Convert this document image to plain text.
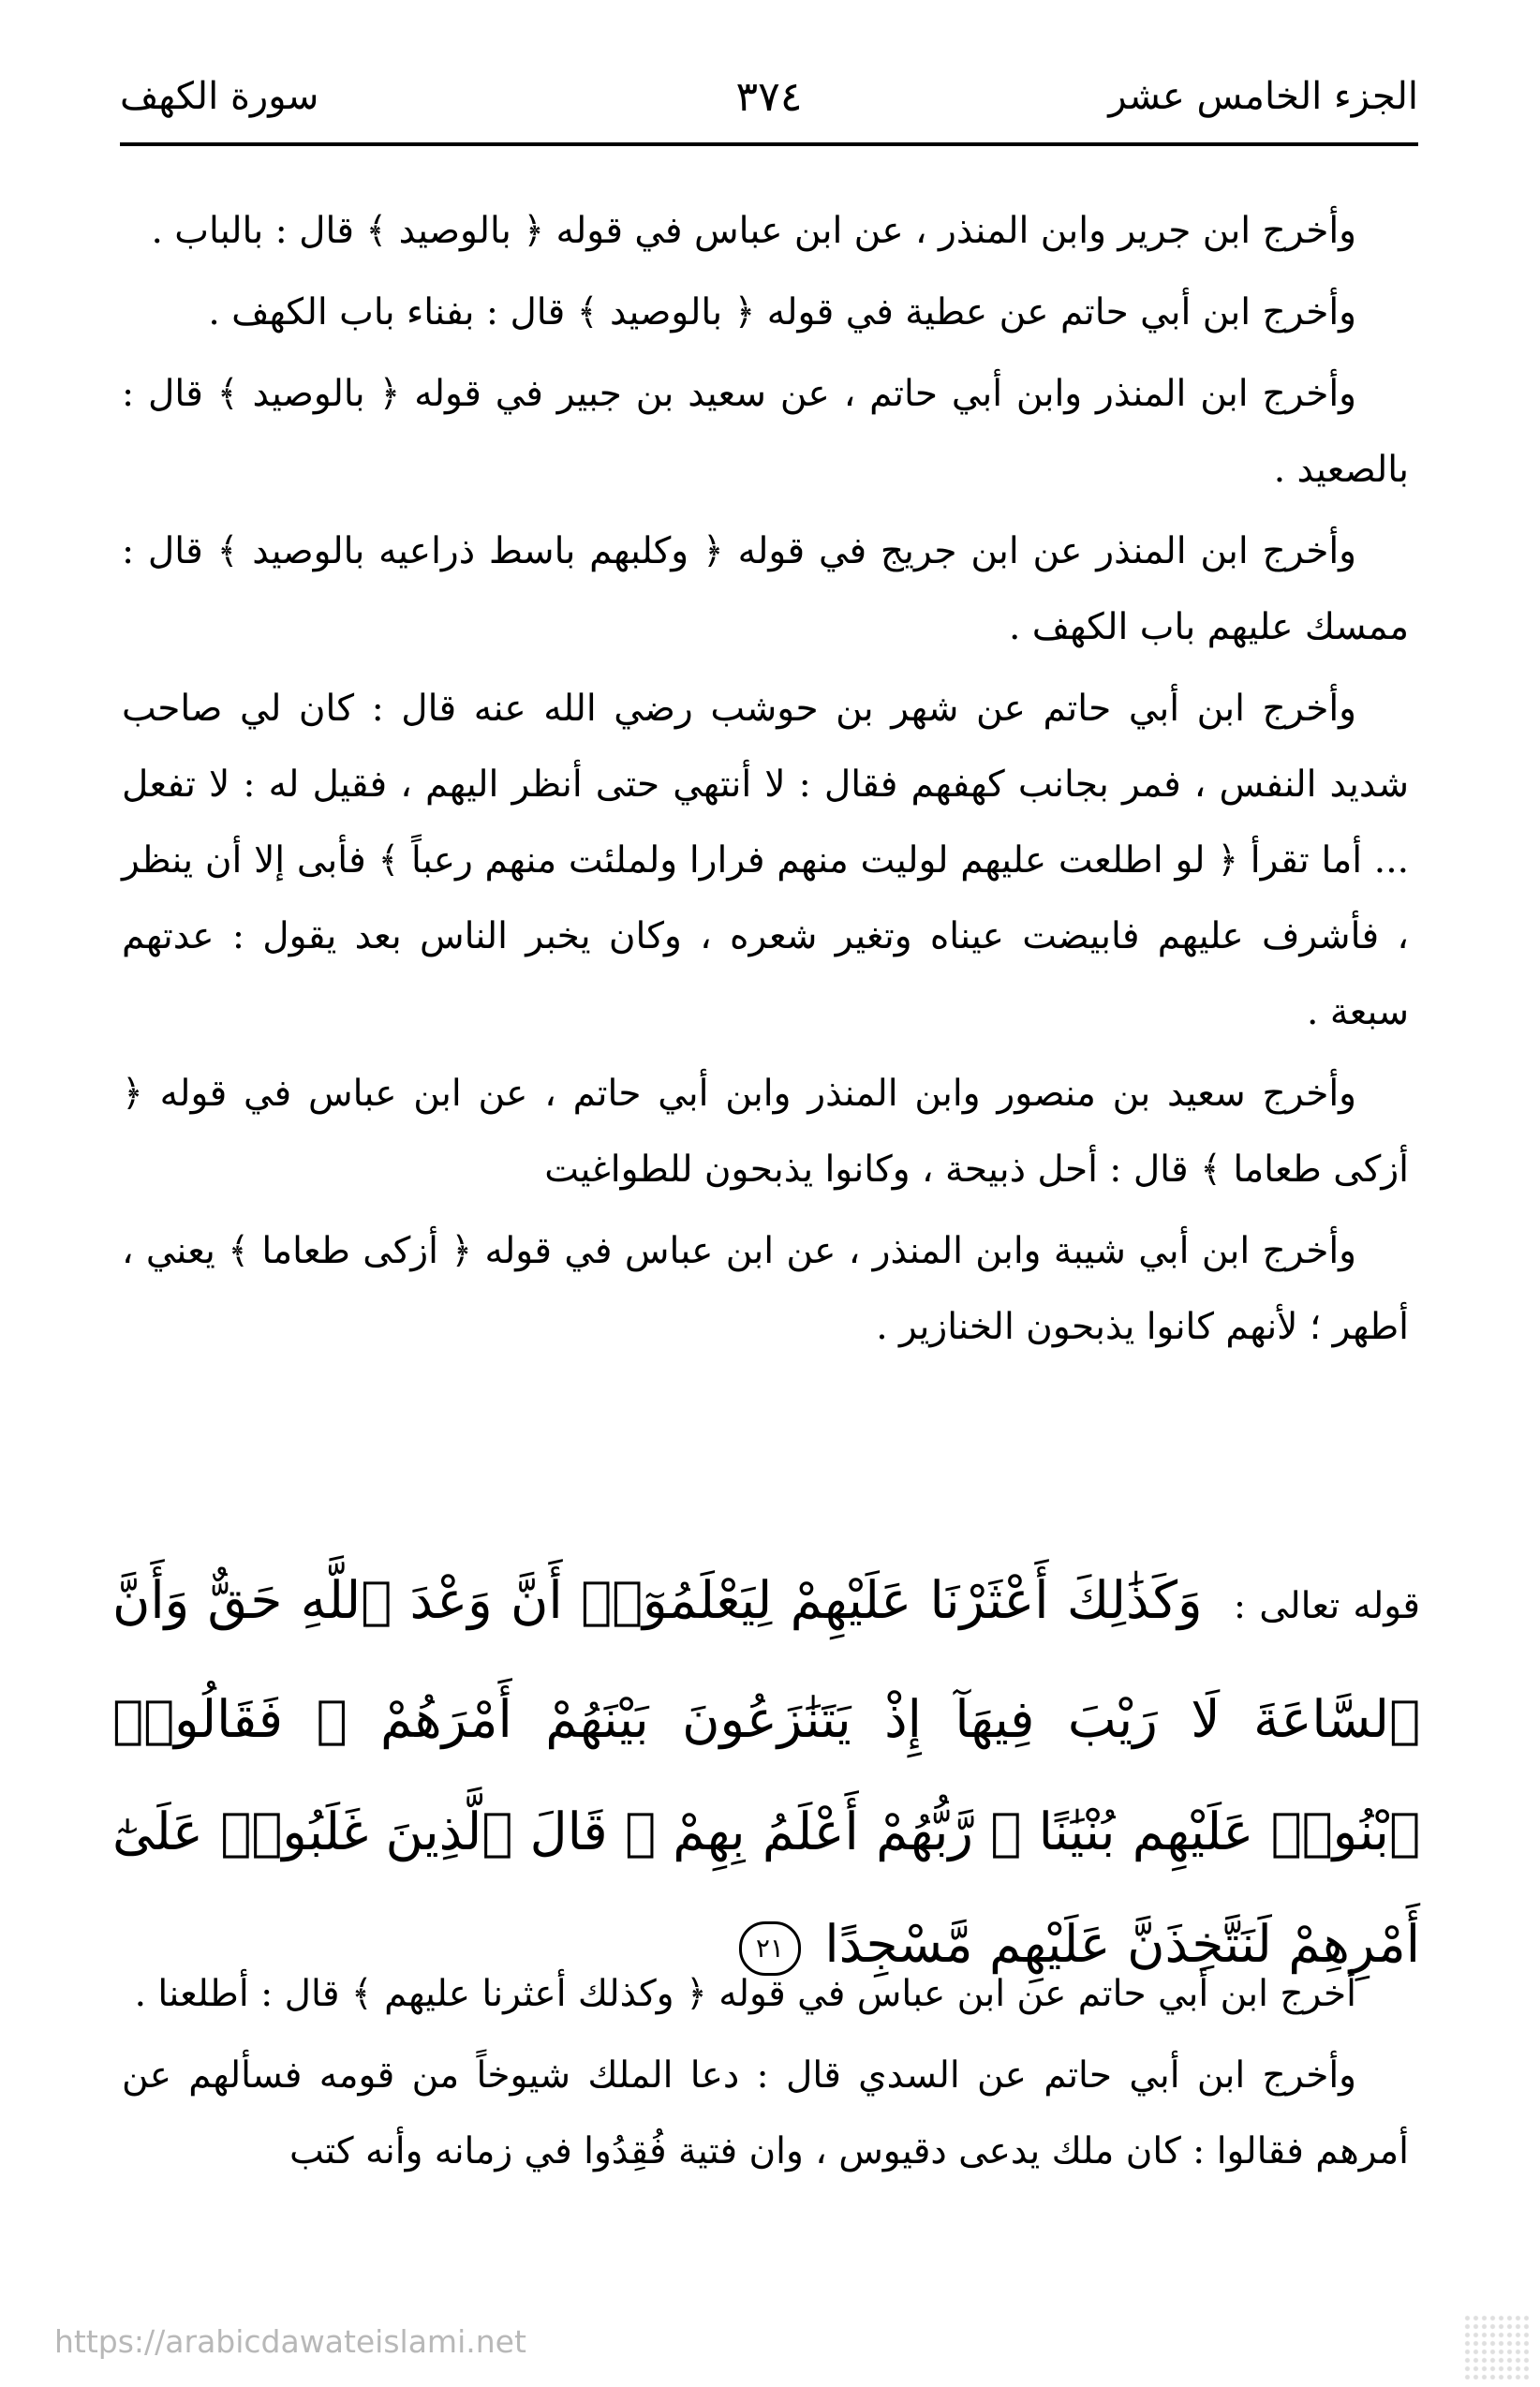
الجزء الخامس عشر
٣٧٤
سورة الكهف

وأخرج ابن جرير وابن المنذر ، عن ابن عباس في قوله ﴿ بالوصيد ﴾ قال : بالباب .

وأخرج ابن أبي حاتم عن عطية في قوله ﴿ بالوصيد ﴾ قال : بفناء باب الكهف .

وأخرج ابن المنذر وابن أبي حاتم ، عن سعيد بن جبير في قوله ﴿ بالوصيد ﴾ قال : بالصعيد .

وأخرج ابن المنذر عن ابن جريج في قوله ﴿ وكلبهم باسط ذراعيه بالوصيد ﴾ قال : ممسك عليهم باب الكهف .

وأخرج ابن أبي حاتم عن شهر بن حوشب رضي الله عنه قال : كان لي صاحب شديد النفس ، فمر بجانب كهفهم فقال : لا أنتهي حتى أنظر اليهم ، فقيل له : لا تفعل ... أما تقرأ ﴿ لو اطلعت عليهم لوليت منهم فرارا ولملئت منهم رعباً ﴾ فأبى إلا أن ينظر ، فأشرف عليهم فابيضت عيناه وتغير شعره ، وكان يخبر الناس بعد يقول : عدتهم سبعة .

وأخرج سعيد بن منصور وابن المنذر وابن أبي حاتم ، عن ابن عباس في قوله ﴿ أزكى طعاما ﴾ قال : أحل ذبيحة ، وكانوا يذبحون للطواغيت

وأخرج ابن أبي شيبة وابن المنذر ، عن ابن عباس في قوله ﴿ أزكى طعاما ﴾ يعني ، أطهر ؛ لأنهم كانوا يذبحون الخنازير .

قوله تعالى : وَكَذَٰلِكَ أَعْثَرْنَا عَلَيْهِمْ لِيَعْلَمُوٓا۟ أَنَّ وَعْدَ ٱللَّهِ حَقٌّ وَأَنَّ ٱلسَّاعَةَ لَا رَيْبَ فِيهَآ إِذْ يَتَنَٰزَعُونَ بَيْنَهُمْ أَمْرَهُمْ ۖ فَقَالُوا۟ ٱبْنُوا۟ عَلَيْهِم بُنْيَٰنًا ۖ رَّبُّهُمْ أَعْلَمُ بِهِمْ ۚ قَالَ ٱلَّذِينَ غَلَبُوا۟ عَلَىٰٓ أَمْرِهِمْ لَنَتَّخِذَنَّ عَلَيْهِم مَّسْجِدًا ٢١

أخرج ابن أبي حاتم عن ابن عباس في قوله ﴿ وكذلك أعثرنا عليهم ﴾ قال : أطلعنا .

وأخرج ابن أبي حاتم عن السدي قال : دعا الملك شيوخاً من قومه فسألهم عن أمرهم فقالوا : كان ملك يدعى دقيوس ، وان فتية فُقِدُوا في زمانه وأنه كتب

https://arabicdawateislami.net
